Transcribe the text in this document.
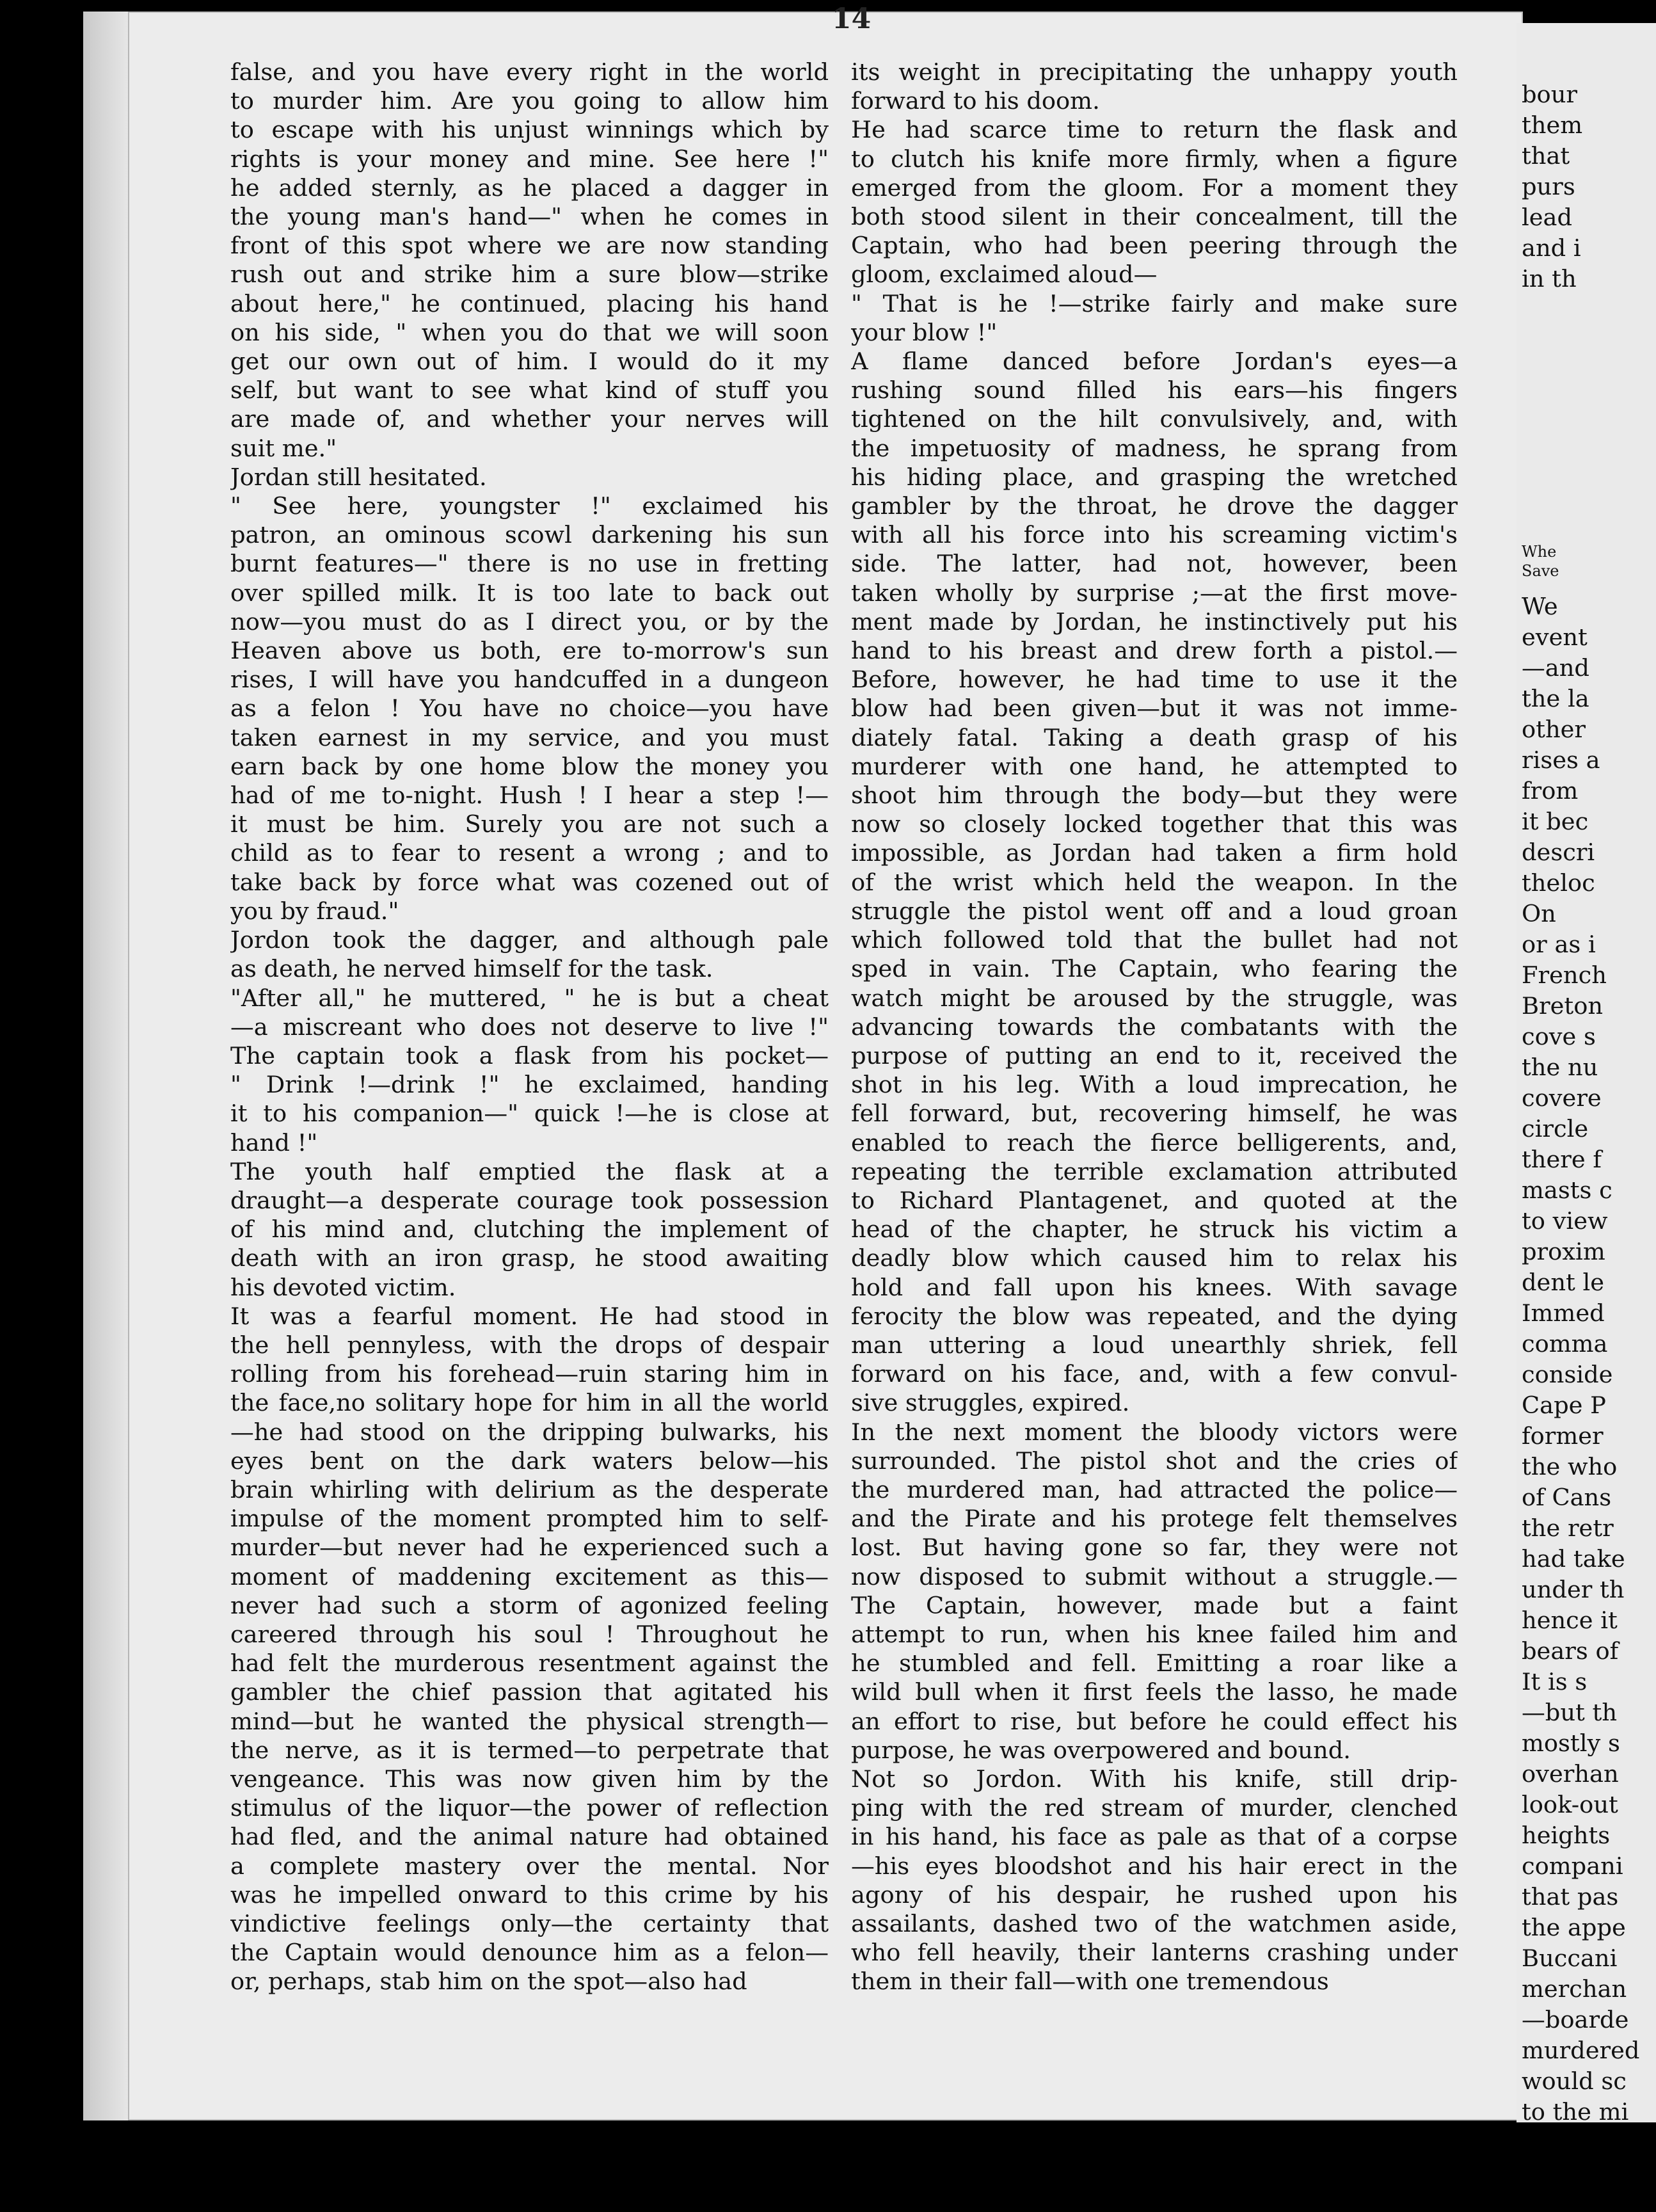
14
false, and you have every right in the world
to murder him. Are you going to allow him
to escape with his unjust winnings which by
rights is your money and mine. See here !"
he added sternly, as he placed a dagger in
the young man's hand—" when he comes in
front of this spot where we are now standing
rush out and strike him a sure blow—strike
about here," he continued, placing his hand
on his side, " when you do that we will soon
get our own out of him. I would do it my
self, but want to see what kind of stuff you
are made of, and whether your nerves will
suit me."
Jordan still hesitated.
" See here, youngster !" exclaimed his
patron, an ominous scowl darkening his sun
burnt features—" there is no use in fretting
over spilled milk. It is too late to back out
now—you must do as I direct you, or by the
Heaven above us both, ere to-morrow's sun
rises, I will have you handcuffed in a dungeon
as a felon ! You have no choice—you have
taken earnest in my service, and you must
earn back by one home blow the money you
had of me to-night. Hush ! I hear a step !—
it must be him. Surely you are not such a
child as to fear to resent a wrong ; and to
take back by force what was cozened out of
you by fraud."
Jordon took the dagger, and although pale
as death, he nerved himself for the task.
"After all," he muttered, " he is but a cheat
—a miscreant who does not deserve to live !"
The captain took a flask from his pocket—
" Drink !—drink !" he exclaimed, handing
it to his companion—" quick !—he is close at
hand !"
The youth half emptied the flask at a
draught—a desperate courage took possession
of his mind and, clutching the implement of
death with an iron grasp, he stood awaiting
his devoted victim.
It was a fearful moment. He had stood in
the hell pennyless, with the drops of despair
rolling from his forehead—ruin staring him in
the face,no solitary hope for him in all the world
—he had stood on the dripping bulwarks, his
eyes bent on the dark waters below—his
brain whirling with delirium as the desperate
impulse of the moment prompted him to self-
murder—but never had he experienced such a
moment of maddening excitement as this—
never had such a storm of agonized feeling
careered through his soul ! Throughout he
had felt the murderous resentment against the
gambler the chief passion that agitated his
mind—but he wanted the physical strength—
the nerve, as it is termed—to perpetrate that
vengeance. This was now given him by the
stimulus of the liquor—the power of reflection
had fled, and the animal nature had obtained
a complete mastery over the mental. Nor
was he impelled onward to this crime by his
vindictive feelings only—the certainty that
the Captain would denounce him as a felon—
or, perhaps, stab him on the spot—also had
its weight in precipitating the unhappy youth
forward to his doom.
He had scarce time to return the flask and
to clutch his knife more firmly, when a figure
emerged from the gloom. For a moment they
both stood silent in their concealment, till the
Captain, who had been peering through the
gloom, exclaimed aloud—
" That is he !—strike fairly and make sure
your blow !"
A flame danced before Jordan's eyes—a
rushing sound filled his ears—his fingers
tightened on the hilt convulsively, and, with
the impetuosity of madness, he sprang from
his hiding place, and grasping the wretched
gambler by the throat, he drove the dagger
with all his force into his screaming victim's
side. The latter, had not, however, been
taken wholly by surprise ;—at the first move-
ment made by Jordan, he instinctively put his
hand to his breast and drew forth a pistol.—
Before, however, he had time to use it the
blow had been given—but it was not imme-
diately fatal. Taking a death grasp of his
murderer with one hand, he attempted to
shoot him through the body—but they were
now so closely locked together that this was
impossible, as Jordan had taken a firm hold
of the wrist which held the weapon. In the
struggle the pistol went off and a loud groan
which followed told that the bullet had not
sped in vain. The Captain, who fearing the
watch might be aroused by the struggle, was
advancing towards the combatants with the
purpose of putting an end to it, received the
shot in his leg. With a loud imprecation, he
fell forward, but, recovering himself, he was
enabled to reach the fierce belligerents, and,
repeating the terrible exclamation attributed
to Richard Plantagenet, and quoted at the
head of the chapter, he struck his victim a
deadly blow which caused him to relax his
hold and fall upon his knees. With savage
ferocity the blow was repeated, and the dying
man uttering a loud unearthly shriek, fell
forward on his face, and, with a few convul-
sive struggles, expired.
In the next moment the bloody victors were
surrounded. The pistol shot and the cries of
the murdered man, had attracted the police—
and the Pirate and his protege felt themselves
lost. But having gone so far, they were not
now disposed to submit without a struggle.—
The Captain, however, made but a faint
attempt to run, when his knee failed him and
he stumbled and fell. Emitting a roar like a
wild bull when it first feels the lasso, he made
an effort to rise, but before he could effect his
purpose, he was overpowered and bound.
Not so Jordon. With his knife, still drip-
ping with the red stream of murder, clenched
in his hand, his face as pale as that of a corpse
—his eyes bloodshot and his hair erect in the
agony of his despair, he rushed upon his
assailants, dashed two of the watchmen aside,
who fell heavily, their lanterns crashing under
them in their fall—with one tremendous
bour
them
that
purs
lead
and i
in th
Whe
Save
We
event
—and
the la
other
rises a
from
it bec
descri
theloc
On
or as i
French
Breton
cove s
the nu
covere
circle
there f
masts c
to view
proxim
dent le
Immed
comma
conside
Cape P
former
the who
of Cans
the retr
had take
under th
hence it
bears of
It is s
—but th
mostly s
overhan
look-out
heights
compani
that pas
the appe
Buccani
merchan
—boarde
murdered
would sc
to the mi
